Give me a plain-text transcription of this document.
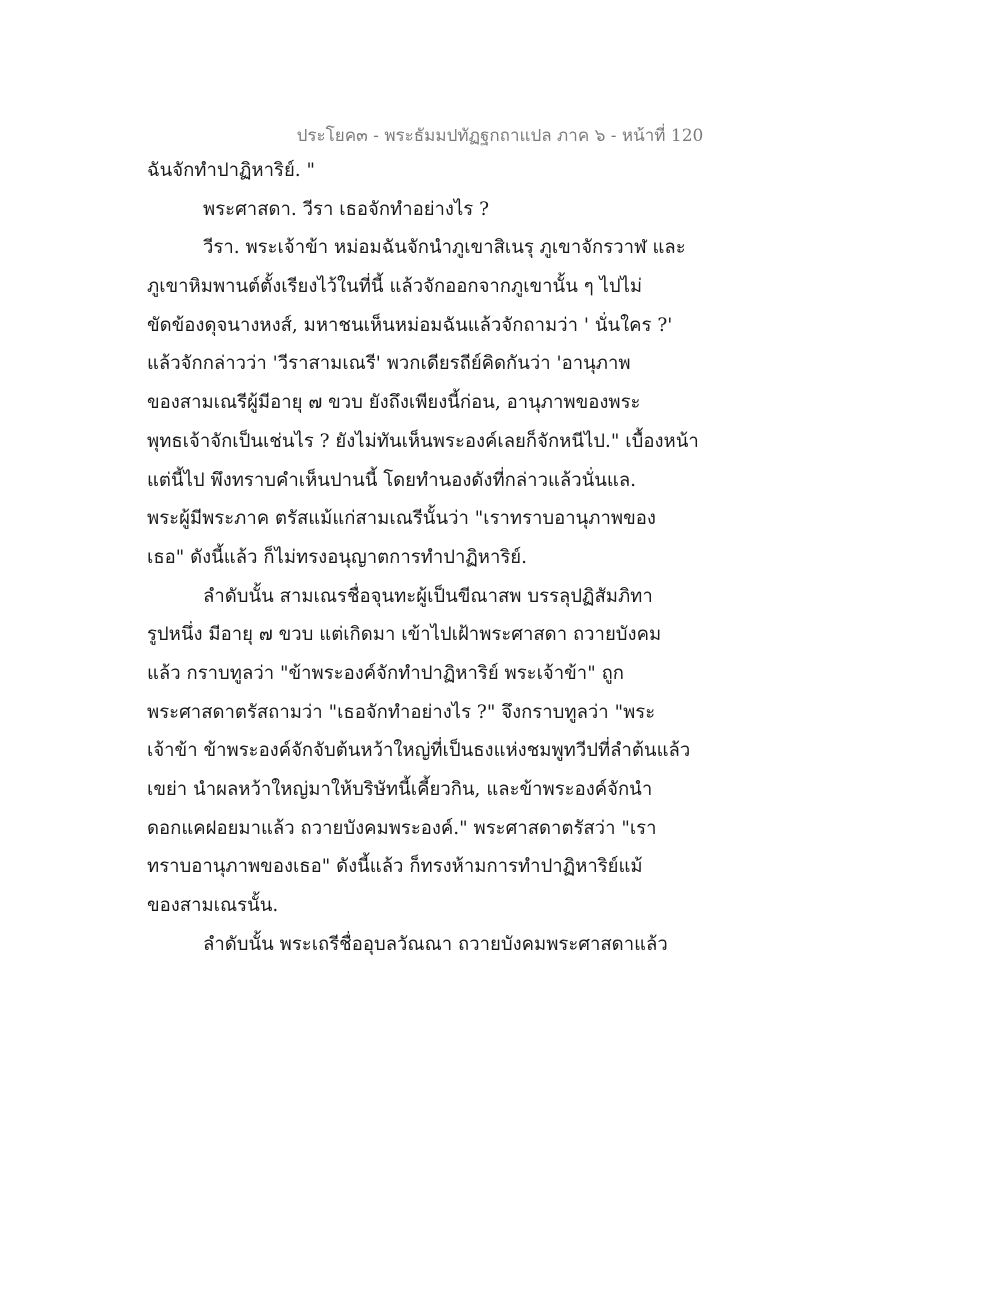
ประโยค๓ - พระธัมมปทัฏฐกถาแปล ภาค ๖ - หน้าที่ 120
ฉันจักทำปาฏิหาริย์. "
พระศาสดา. วีรา เธอจักทำอย่างไร ?
วีรา. พระเจ้าข้า หม่อมฉันจักนำภูเขาสิเนรุ ภูเขาจักรวาฬ และ
ภูเขาหิมพานต์ตั้งเรียงไว้ในที่นี้ แล้วจักออกจากภูเขานั้น ๆ ไปไม่
ขัดข้องดุจนางหงส์, มหาชนเห็นหม่อมฉันแล้วจักถามว่า ' นั่นใคร ?'
แล้วจักกล่าวว่า 'วีราสามเณรี' พวกเดียรถีย์คิดกันว่า 'อานุภาพ
ของสามเณรีผู้มีอายุ ๗ ขวบ ยังถึงเพียงนี้ก่อน, อานุภาพของพระ
พุทธเจ้าจักเป็นเช่นไร ? ยังไม่ทันเห็นพระองค์เลยก็จักหนีไป." เบื้องหน้า
แต่นี้ไป พึงทราบคำเห็นปานนี้ โดยทำนองดังที่กล่าวแล้วนั่นแล.
พระผู้มีพระภาค ตรัสแม้แก่สามเณรีนั้นว่า "เราทราบอานุภาพของ
เธอ" ดังนี้แล้ว ก็ไม่ทรงอนุญาตการทำปาฏิหาริย์.
ลำดับนั้น สามเณรชื่อจุนทะผู้เป็นขีณาสพ บรรลุปฏิสัมภิทา
รูปหนึ่ง มีอายุ ๗ ขวบ แต่เกิดมา เข้าไปเฝ้าพระศาสดา ถวายบังคม
แล้ว กราบทูลว่า "ข้าพระองค์จักทำปาฏิหาริย์ พระเจ้าข้า" ถูก
พระศาสดาตรัสถามว่า "เธอจักทำอย่างไร ?" จึงกราบทูลว่า "พระ
เจ้าข้า ข้าพระองค์จักจับต้นหว้าใหญ่ที่เป็นธงแห่งชมพูทวีปที่ลำต้นแล้ว
เขย่า นำผลหว้าใหญ่มาให้บริษัทนี้เคี้ยวกิน, และข้าพระองค์จักนำ
ดอกแคฝอยมาแล้ว ถวายบังคมพระองค์." พระศาสดาตรัสว่า "เรา
ทราบอานุภาพของเธอ" ดังนี้แล้ว ก็ทรงห้ามการทำปาฏิหาริย์แม้
ของสามเณรนั้น.
ลำดับนั้น พระเถรีชื่ออุบลวัณณา ถวายบังคมพระศาสดาแล้ว
